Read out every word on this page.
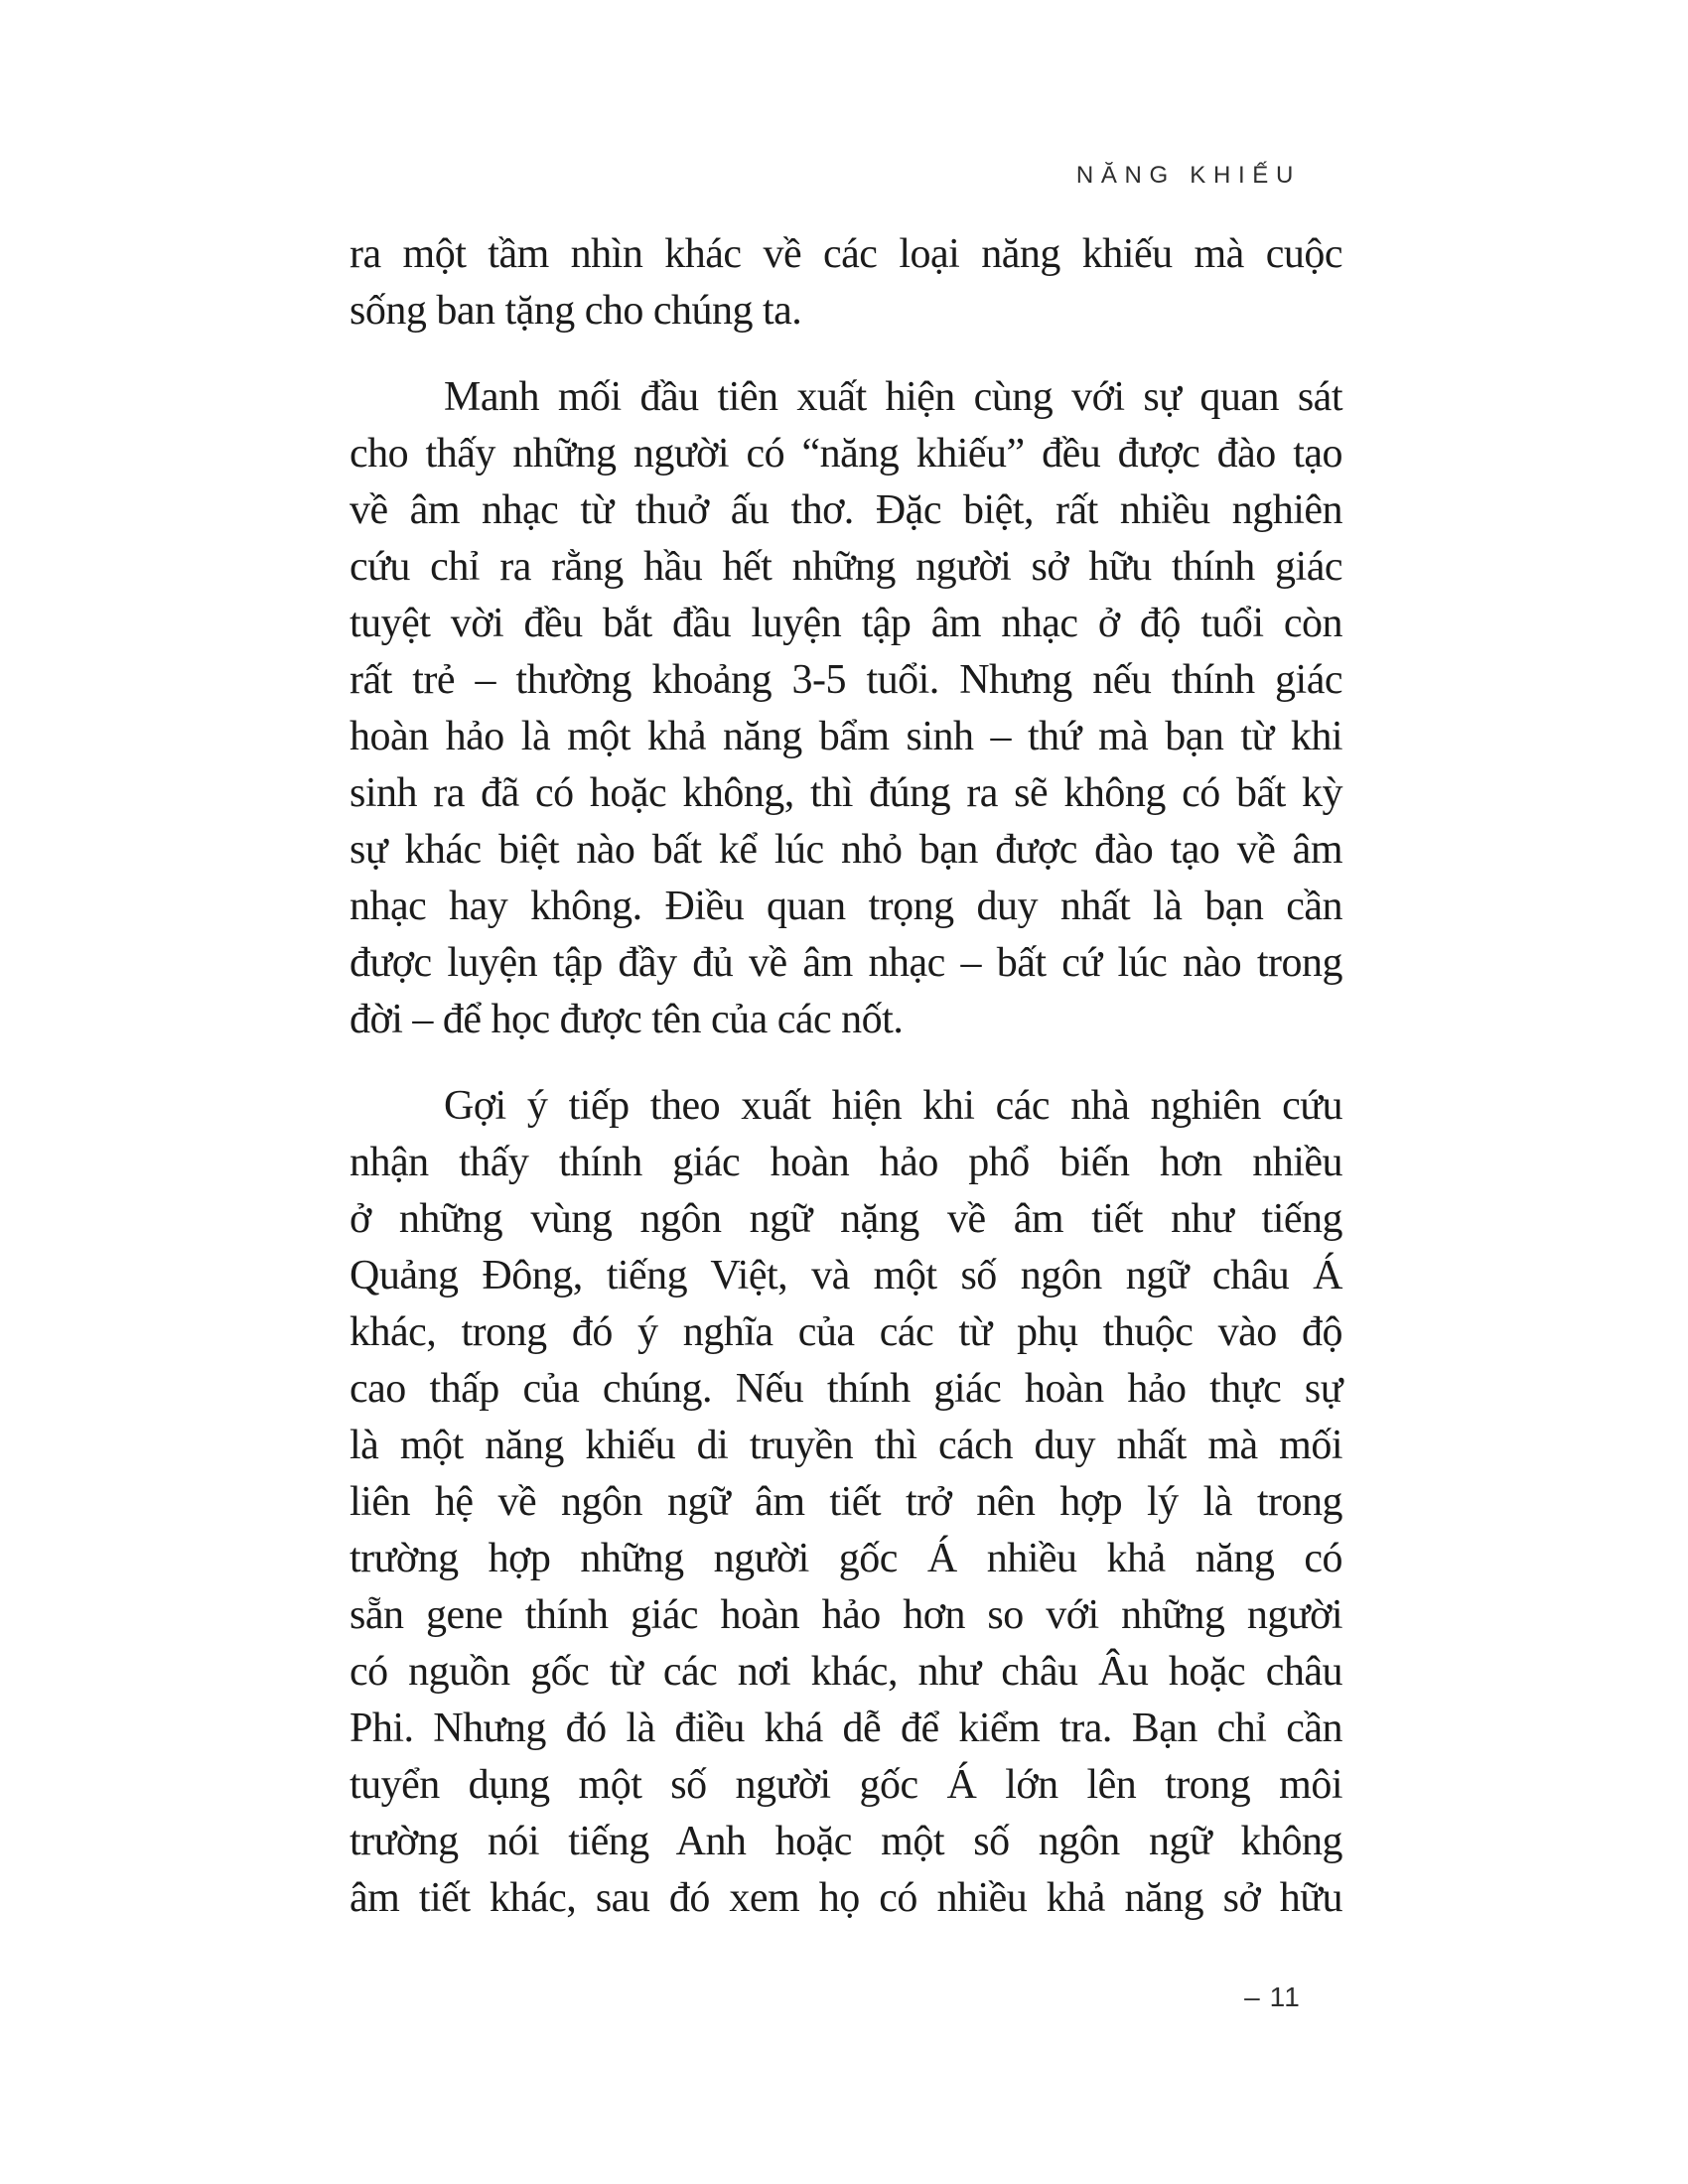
NĂNG KHIẾU
ra một tầm nhìn khác về các loại năng khiếu mà cuộc
sống ban tặng cho chúng ta.
Manh mối đầu tiên xuất hiện cùng với sự quan sát
cho thấy những người có “năng khiếu” đều được đào tạo
về âm nhạc từ thuở ấu thơ. Đặc biệt, rất nhiều nghiên
cứu chỉ ra rằng hầu hết những người sở hữu thính giác
tuyệt vời đều bắt đầu luyện tập âm nhạc ở độ tuổi còn
rất trẻ – thường khoảng 3-5 tuổi. Nhưng nếu thính giác
hoàn hảo là một khả năng bẩm sinh – thứ mà bạn từ khi
sinh ra đã có hoặc không, thì đúng ra sẽ không có bất kỳ
sự khác biệt nào bất kể lúc nhỏ bạn được đào tạo về âm
nhạc hay không. Điều quan trọng duy nhất là bạn cần
được luyện tập đầy đủ về âm nhạc – bất cứ lúc nào trong
đời – để học được tên của các nốt.
Gợi ý tiếp theo xuất hiện khi các nhà nghiên cứu
nhận thấy thính giác hoàn hảo phổ biến hơn nhiều
ở những vùng ngôn ngữ nặng về âm tiết như tiếng
Quảng Đông, tiếng Việt, và một số ngôn ngữ châu Á
khác, trong đó ý nghĩa của các từ phụ thuộc vào độ
cao thấp của chúng. Nếu thính giác hoàn hảo thực sự
là một năng khiếu di truyền thì cách duy nhất mà mối
liên hệ về ngôn ngữ âm tiết trở nên hợp lý là trong
trường hợp những người gốc Á nhiều khả năng có
sẵn gene thính giác hoàn hảo hơn so với những người
có nguồn gốc từ các nơi khác, như châu Âu hoặc châu
Phi. Nhưng đó là điều khá dễ để kiểm tra. Bạn chỉ cần
tuyển dụng một số người gốc Á lớn lên trong môi
trường nói tiếng Anh hoặc một số ngôn ngữ không
âm tiết khác, sau đó xem họ có nhiều khả năng sở hữu
– 11
